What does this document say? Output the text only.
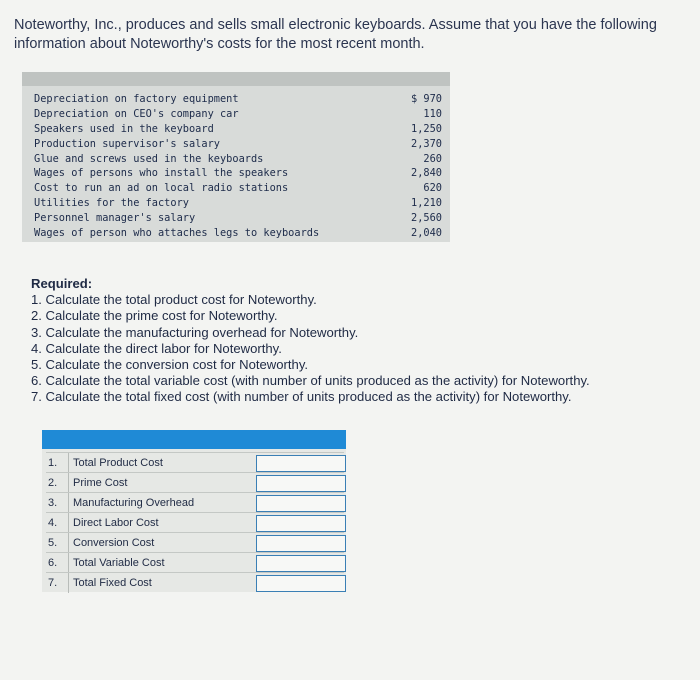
Noteworthy, Inc., produces and sells small electronic keyboards. Assume that you have the following information about Noteworthy's costs for the most recent month.
Depreciation on factory equipment	$ 970
Depreciation on CEO's company car	110
Speakers used in the keyboard	1,250
Production supervisor's salary	2,370
Glue and screws used in the keyboards	260
Wages of persons who install the speakers	2,840
Cost to run an ad on local radio stations	620
Utilities for the factory	1,210
Personnel manager's salary	2,560
Wages of person who attaches legs to keyboards	2,040
Required:
1. Calculate the total product cost for Noteworthy.
2. Calculate the prime cost for Noteworthy.
3. Calculate the manufacturing overhead for Noteworthy.
4. Calculate the direct labor for Noteworthy.
5. Calculate the conversion cost for Noteworthy.
6. Calculate the total variable cost (with number of units produced as the activity) for Noteworthy.
7. Calculate the total fixed cost (with number of units produced as the activity) for Noteworthy.
1.	Total Product Cost
2.	Prime Cost
3.	Manufacturing Overhead
4.	Direct Labor Cost
5.	Conversion Cost
6.	Total Variable Cost
7.	Total Fixed Cost
